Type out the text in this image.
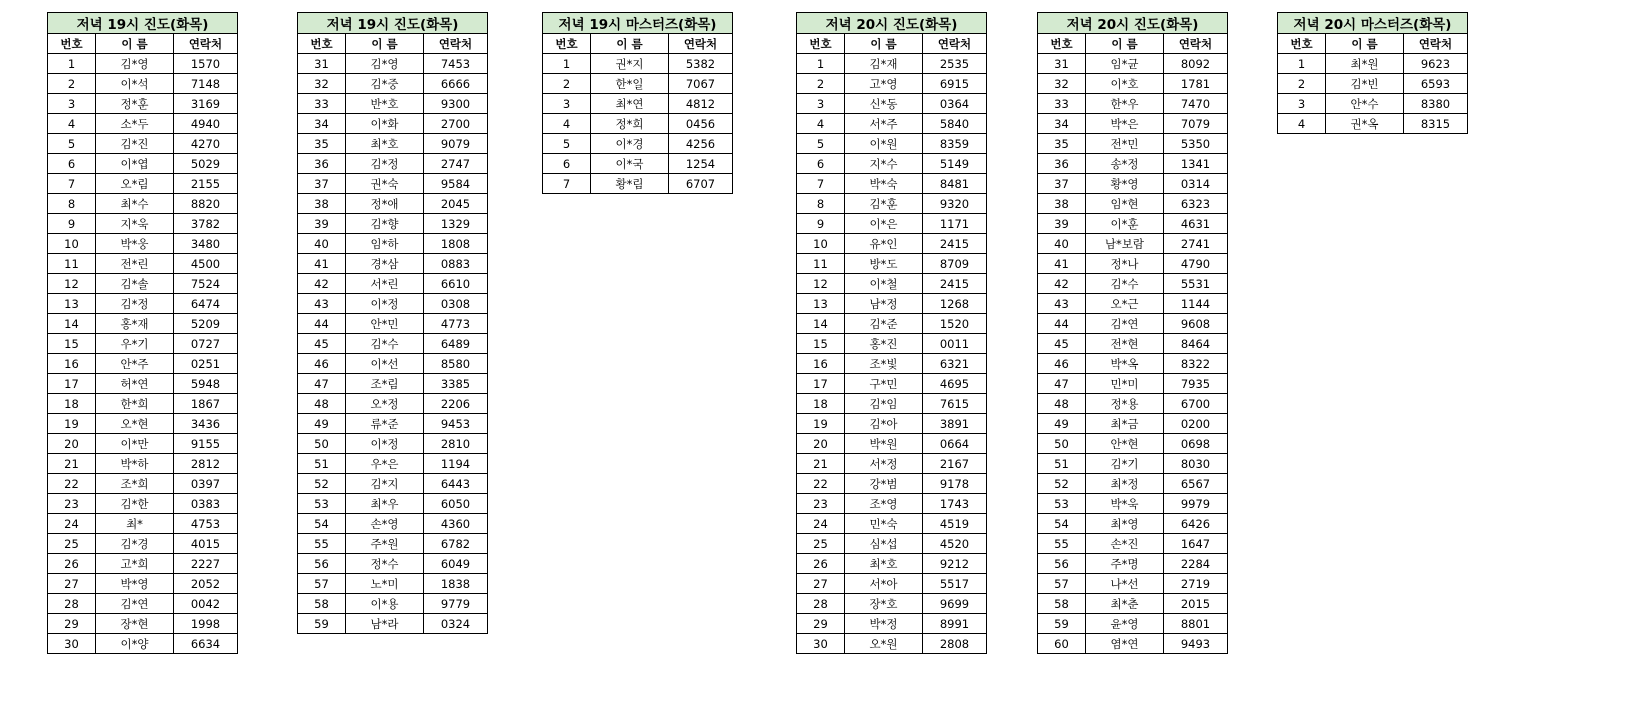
저녁 19시 진도(화목)		
번호	이 름	연락처
1	김*영	1570
2	이*석	7148
3	정*훈	3169
4	소*두	4940
5	김*진	4270
6	이*엽	5029
7	오*림	2155
8	최*수	8820
9	지*욱	3782
10	박*웅	3480
11	전*린	4500
12	김*솔	7524
13	김*정	6474
14	홍*재	5209
15	우*기	0727
16	안*주	0251
17	허*연	5948
18	한*희	1867
19	오*현	3436
20	이*만	9155
21	박*하	2812
22	조*희	0397
23	김*한	0383
24	최*	4753
25	김*경	4015
26	고*희	2227
27	박*영	2052
28	김*연	0042
29	장*현	1998
30	이*양	6634
저녁 19시 진도(화목)		
번호	이 름	연락처
31	김*영	7453
32	김*중	6666
33	반*호	9300
34	이*화	2700
35	최*호	9079
36	김*정	2747
37	권*숙	9584
38	정*애	2045
39	김*향	1329
40	임*하	1808
41	경*삼	0883
42	서*린	6610
43	이*정	0308
44	안*민	4773
45	김*수	6489
46	이*선	8580
47	조*림	3385
48	오*정	2206
49	류*준	9453
50	이*정	2810
51	우*은	1194
52	김*지	6443
53	최*우	6050
54	손*영	4360
55	주*원	6782
56	정*수	6049
57	노*미	1838
58	이*용	9779
59	남*라	0324
저녁 19시 마스터즈(화목)		
번호	이 름	연락처
1	권*지	5382
2	한*일	7067
3	최*연	4812
4	정*희	0456
5	이*경	4256
6	이*국	1254
7	황*림	6707
저녁 20시 진도(화목)		
번호	이 름	연락처
1	김*재	2535
2	고*영	6915
3	신*동	0364
4	서*주	5840
5	이*원	8359
6	지*수	5149
7	박*숙	8481
8	김*훈	9320
9	이*은	1171
10	유*인	2415
11	방*도	8709
12	이*철	2415
13	남*정	1268
14	김*준	1520
15	홍*진	0011
16	조*빛	6321
17	구*민	4695
18	김*임	7615
19	김*아	3891
20	박*원	0664
21	서*정	2167
22	강*범	9178
23	조*영	1743
24	민*숙	4519
25	심*섭	4520
26	최*호	9212
27	서*아	5517
28	장*호	9699
29	박*정	8991
30	오*원	2808
저녁 20시 진도(화목)		
번호	이 름	연락처
31	임*균	8092
32	이*호	1781
33	한*우	7470
34	박*은	7079
35	전*민	5350
36	송*정	1341
37	황*영	0314
38	임*현	6323
39	이*훈	4631
40	남*보람	2741
41	정*나	4790
42	김*수	5531
43	오*근	1144
44	김*연	9608
45	전*현	8464
46	박*옥	8322
47	민*미	7935
48	정*용	6700
49	최*금	0200
50	안*현	0698
51	김*기	8030
52	최*정	6567
53	박*욱	9979
54	최*영	6426
55	손*진	1647
56	주*명	2284
57	나*선	2719
58	최*춘	2015
59	윤*영	8801
60	염*연	9493
저녁 20시 마스터즈(화목)		
번호	이 름	연락처
1	최*원	9623
2	김*빈	6593
3	안*수	8380
4	권*옥	8315
